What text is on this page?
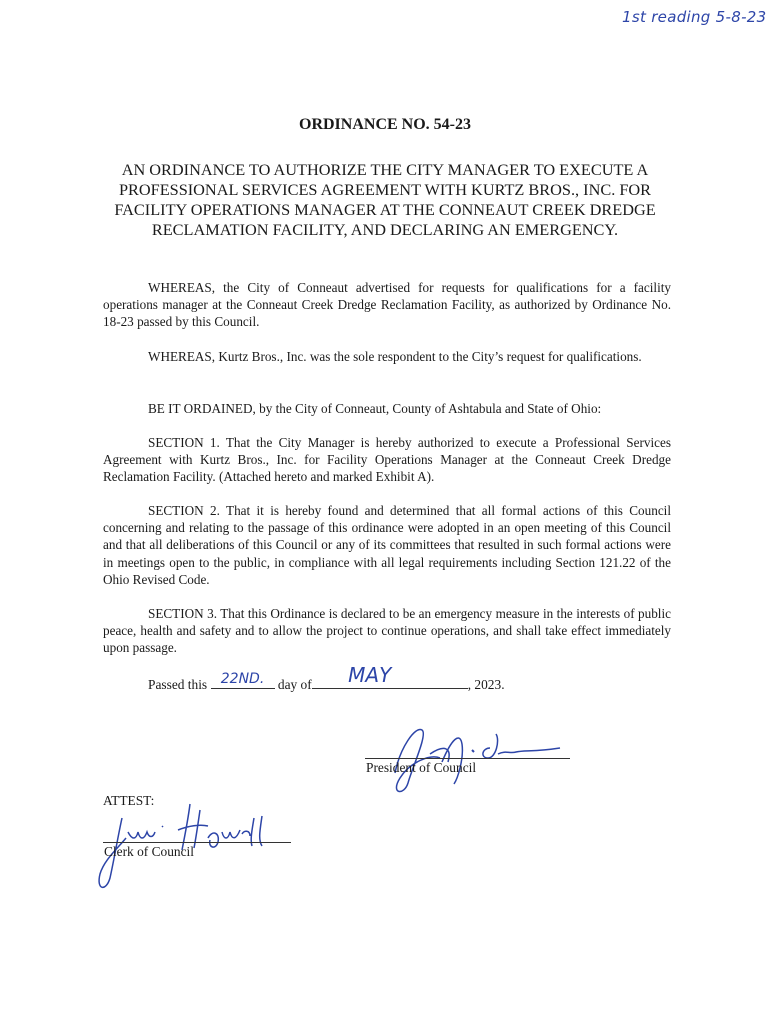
1st reading 5-8-23
ORDINANCE NO. 54-23
AN ORDINANCE TO AUTHORIZE THE CITY MANAGER TO EXECUTE A PROFESSIONAL SERVICES AGREEMENT WITH KURTZ BROS., INC. FOR FACILITY OPERATIONS MANAGER AT THE CONNEAUT CREEK DREDGE RECLAMATION FACILITY, AND DECLARING AN EMERGENCY.
WHEREAS, the City of Conneaut advertised for requests for qualifications for a facility operations manager at the Conneaut Creek Dredge Reclamation Facility, as authorized by Ordinance No. 18-23 passed by this Council.
WHEREAS, Kurtz Bros., Inc. was the sole respondent to the City’s request for qualifications.
BE IT ORDAINED, by the City of Conneaut, County of Ashtabula and State of Ohio:
SECTION 1. That the City Manager is hereby authorized to execute a Professional Services Agreement with Kurtz Bros., Inc. for Facility Operations Manager at the Conneaut Creek Dredge Reclamation Facility. (Attached hereto and marked Exhibit A).
SECTION 2. That it is hereby found and determined that all formal actions of this Council concerning and relating to the passage of this ordinance were adopted in an open meeting of this Council and that all deliberations of this Council or any of its committees that resulted in such formal actions were in meetings open to the public, in compliance with all legal requirements including Section 121.22 of the Ohio Revised Code.
SECTION 3. That this Ordinance is declared to be an emergency measure in the interests of public peace, health and safety and to allow the project to continue operations, and shall take effect immediately upon passage.
Passed this 22ND.	day of	MAY	, 2023.
President of Council
ATTEST:
Clerk of Council
